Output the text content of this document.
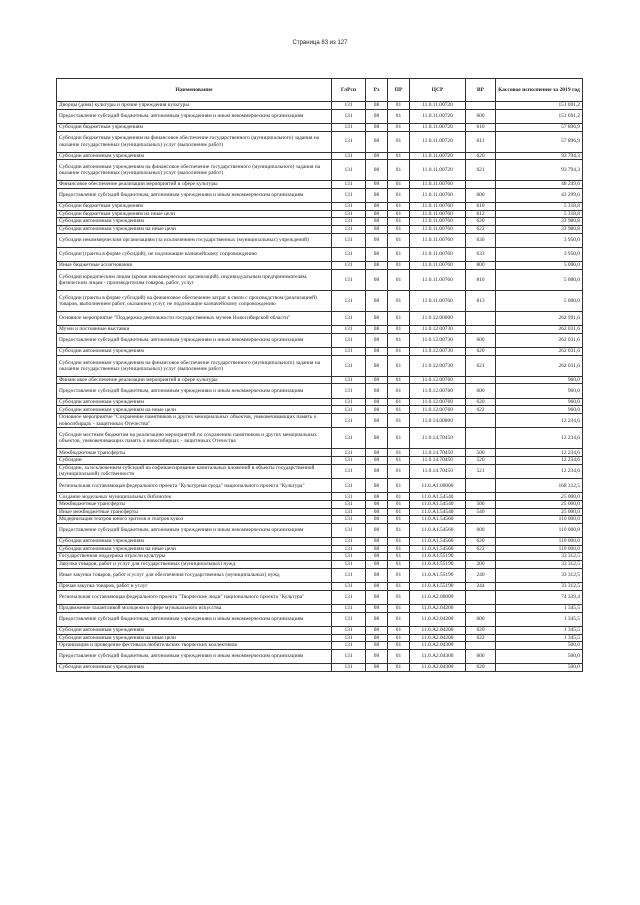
Страница 83 из 127
Наименование	ГлРсп	Рз	ПР	ЦСР	ВР	Кассовое исполнение за 2019 год
Дворцы (дома) культуры и прочие учреждения культуры	131	08	01	11.0.11.00720		151 691,2
Предоставление субсидий бюджетным, автономным учреждениям и иным некоммерческим организациям	131	08	01	11.0.11.00720	600	151 691,2
Субсидии бюджетным учреждениям	131	08	01	11.0.11.00720	610	57 896,9
Субсидии бюджетным учреждениям на финансовое обеспечение государственного (муниципального) задания на оказание государственных (муниципальных) услуг (выполнение работ)	131	08	01	11.0.11.00720	611	57 896,9
Субсидии автономным учреждениям	131	08	01	11.0.11.00720	620	93 794,3
Субсидии автономным учреждениям на финансовое обеспечение государственного (муниципального) задания на оказание государственных (муниципальных) услуг (выполнение работ)	131	08	01	11.0.11.00720	621	93 794,3
Финансовое обеспечение реализации мероприятий в сфере культуры	131	08	01	11.0.11.00760		48 249,6
Предоставление субсидий бюджетным, автономным учреждениям и иным некоммерческим организациям	131	08	01	11.0.11.00760	600	43 299,6
Субсидии бюджетным учреждениям	131	08	01	11.0.11.00760	610	5 318,8
Субсидии бюджетным учреждениям на иные цели	131	08	01	11.0.11.00760	612	5 318,8
Субсидии автономным учреждениям	131	08	01	11.0.11.00760	620	33 980,8
Субсидии автономным учреждениям на иные цели	131	08	01	11.0.11.00760	622	33 980,8
Субсидии некоммерческим организациям (за исключением государственных (муниципальных) учреждений)	131	08	01	11.0.11.00760	630	3 950,0
Субсидии (гранты в форме субсидий), не подлежащие казначейскому сопровождению	131	08	01	11.0.11.00760	633	3 950,0
Иные бюджетные ассигнования	131	08	01	11.0.11.00760	800	5 000,0
Субсидии юридическим лицам (кроме некоммерческих организаций), индивидуальным предпринимателям, физическим лицам - производителям товаров, работ, услуг	131	08	01	11.0.11.00760	810	5 000,0
Субсидии (гранты в форме субсидий) на финансовое обеспечение затрат в связи с производством (реализацией) товаров, выполнением работ, оказанием услуг, не подлежащие казначейскому сопровождению	131	08	01	11.0.11.00760	813	5 000,0
Основное мероприятие "Поддержка деятельности государственных музеев Новосибирской области"	131	08	01	11.0.12.00000		262 991,6
Музеи и постоянные выставки	131	08	01	11.0.12.00730		262 031,6
Предоставление субсидий бюджетным, автономным учреждениям и иным некоммерческим организациям	131	08	01	11.0.12.00730	600	262 031,6
Субсидии автономным учреждениям	131	08	01	11.0.12.00730	620	262 031,6
Субсидии автономным учреждениям на финансовое обеспечение государственного (муниципального) задания на оказание государственных (муниципальных) услуг (выполнение работ)	131	08	01	11.0.12.00730	621	262 031,6
Финансовое обеспечение реализации мероприятий в сфере культуры	131	08	01	11.0.12.00760		960,0
Предоставление субсидий бюджетным, автономным учреждениям и иным некоммерческим организациям	131	08	01	11.0.12.00760	600	960,0
Субсидии автономным учреждениям	131	08	01	11.0.12.00760	620	960,0
Субсидии автономным учреждениям на иные цели	131	08	01	11.0.12.00760	622	960,0
Основное мероприятие "Сохранение памятников и других мемориальных объектов, увековечивающих память о новосибирцах - защитниках Отечества"	131	08	01	11.0.14.00000		12 234,6
Субсидии местным бюджетам на реализацию мероприятий по сохранению памятников и других мемориальных объектов, увековечивающих память о новосибирцах - защитниках Отечества	131	08	01	11.0.14.70450		12 234,6
Межбюджетные трансферты	131	08	01	11.0.14.70450	500	12 234,6
Субсидии	131	08	01	11.0.14.70450	520	12 234,6
Субсидии, за исключением субсидий на софинансирование капитальных вложений в объекты государственной (муниципальной) собственности	131	08	01	11.0.14.70450	521	12 234,6
Региональная составляющая федерального проекта "Культурная среда" национального проекта "Культура"	131	08	01	11.0.A1.00000		168 312,5
Создание модельных муниципальных библиотек	131	08	01	11.0.A1.54540		25 000,0
Межбюджетные трансферты	131	08	01	11.0.A1.54540	500	25 000,0
Иные межбюджетные трансферты	131	08	01	11.0.A1.54540	540	25 000,0
Модернизация театров юного зрителя и театров кукол	131	08	01	11.0.A1.54560		110 000,0
Предоставление субсидий бюджетным, автономным учреждениям и иным некоммерческим организациям	131	08	01	11.0.A1.54560	600	110 000,0
Субсидии автономным учреждениям	131	08	01	11.0.A1.54560	620	110 000,0
Субсидии автономным учреждениям на иные цели	131	08	01	11.0.A1.54560	622	110 000,0
Государственная поддержка отрасли культуры	131	08	01	11.0.A1.55190		33 312,5
Закупка товаров, работ и услуг для государственных (муниципальных) нужд	131	08	01	11.0.A1.55190	200	33 312,5
Иные закупки товаров, работ и услуг для обеспечения государственных (муниципальных) нужд	131	08	01	11.0.A1.55190	240	33 312,5
Прочая закупка товаров, работ и услуг	131	08	01	11.0.A1.55190	244	33 312,5
Региональная составляющая федерального проекта "Творческие люди" национального проекта "Культура"	131	08	01	11.0.A2.00000		74 339,4
Продвижение талантливой молодежи в сфере музыкального искусства	131	08	01	11.0.A2.04200		1 345,5
Предоставление субсидий бюджетным, автономным учреждениям и иным некоммерческим организациям	131	08	01	11.0.A2.04200	600	1 345,5
Субсидии автономным учреждениям	131	08	01	11.0.A2.04200	620	1 345,5
Субсидии автономным учреждениям на иные цели	131	08	01	11.0.A2.04200	622	1 345,5
Организация и проведение фестиваля любительских творческих коллективов	131	08	01	11.0.A2.04300		500,0
Предоставление субсидий бюджетным, автономным учреждениям и иным некоммерческим организациям	131	08	01	11.0.A2.04300	600	500,0
Субсидии автономным учреждениям	131	08	01	11.0.A2.04300	620	500,0
